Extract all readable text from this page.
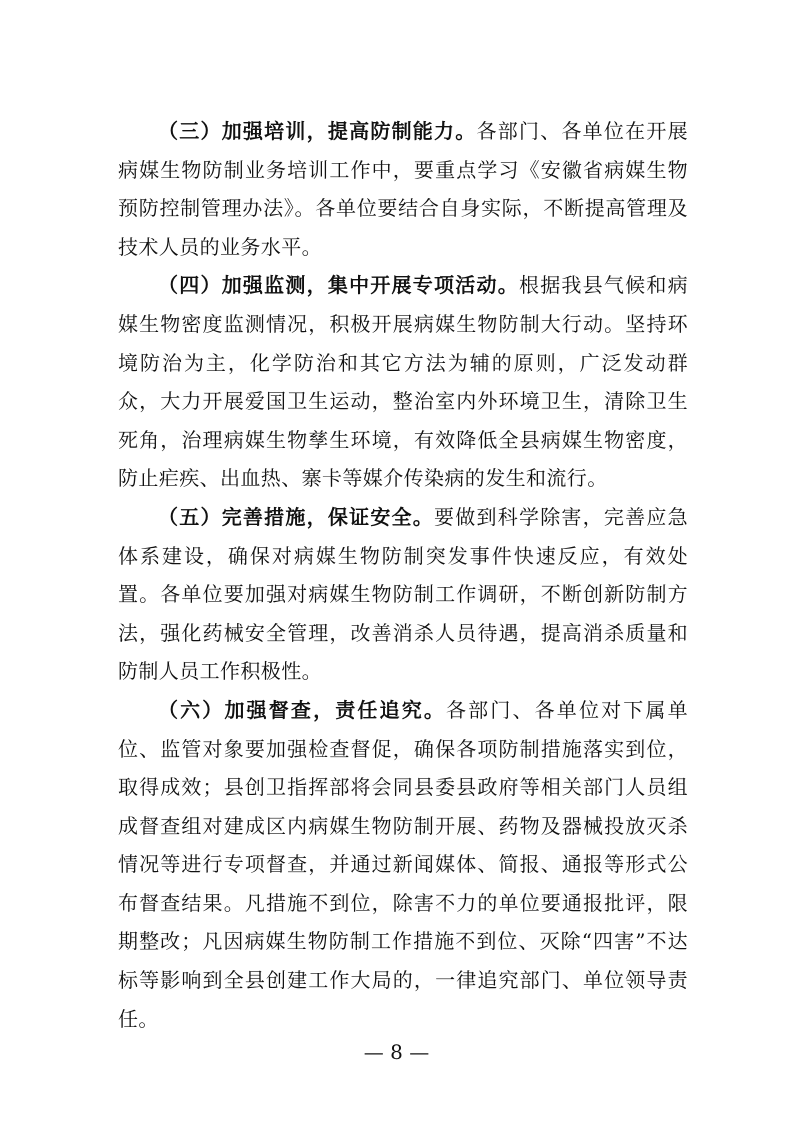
（三）加强培训，提高防制能力。各部门、各单位在开展病媒生物防制业务培训工作中，要重点学习《安徽省病媒生物预防控制管理办法》。各单位要结合自身实际，不断提高管理及技术人员的业务水平。

（四）加强监测，集中开展专项活动。根据我县气候和病媒生物密度监测情况，积极开展病媒生物防制大行动。坚持环境防治为主，化学防治和其它方法为辅的原则，广泛发动群众，大力开展爱国卫生运动，整治室内外环境卫生，清除卫生死角，治理病媒生物孳生环境，有效降低全县病媒生物密度，防止疟疾、出血热、寨卡等媒介传染病的发生和流行。

（五）完善措施，保证安全。要做到科学除害，完善应急体系建设，确保对病媒生物防制突发事件快速反应，有效处置。各单位要加强对病媒生物防制工作调研，不断创新防制方法，强化药械安全管理，改善消杀人员待遇，提高消杀质量和防制人员工作积极性。

（六）加强督查，责任追究。各部门、各单位对下属单位、监管对象要加强检查督促，确保各项防制措施落实到位，取得成效；县创卫指挥部将会同县委县政府等相关部门人员组成督查组对建成区内病媒生物防制开展、药物及器械投放灭杀情况等进行专项督查，并通过新闻媒体、简报、通报等形式公布督查结果。凡措施不到位，除害不力的单位要通报批评，限期整改；凡因病媒生物防制工作措施不到位、灭除“四害”不达标等影响到全县创建工作大局的，一律追究部门、单位领导责任。

— 8 —
